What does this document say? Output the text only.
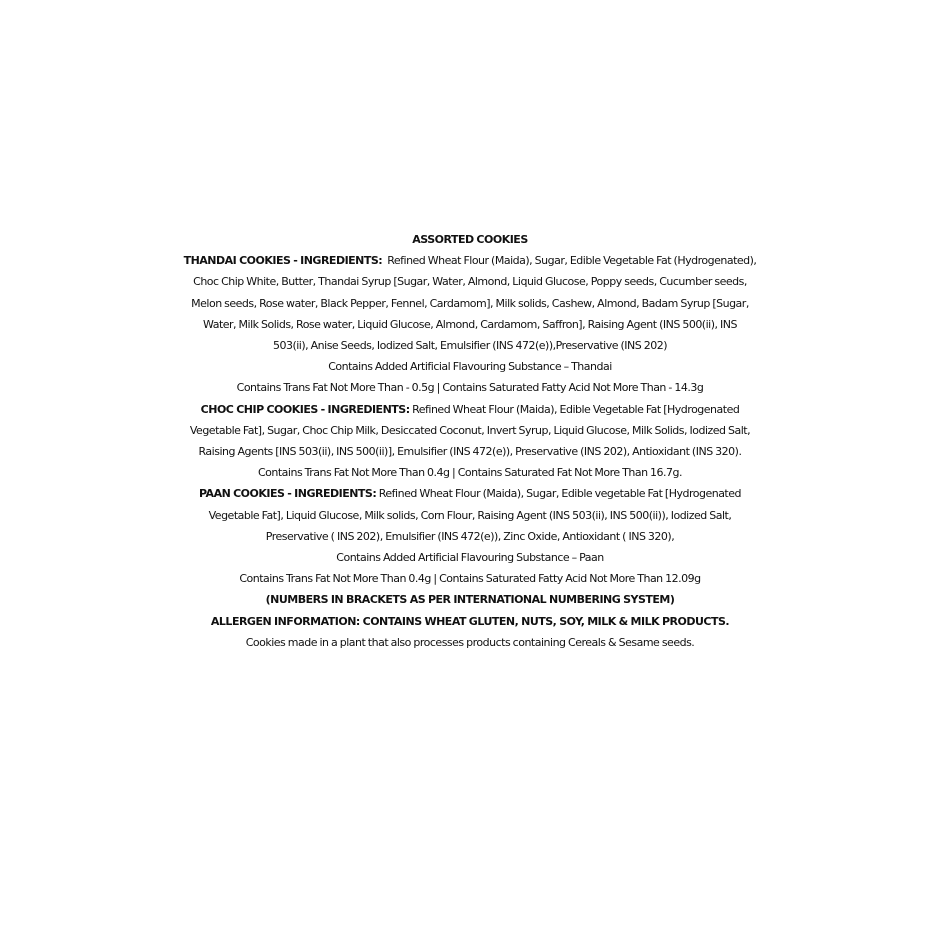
ASSORTED COOKIES
THANDAI COOKIES - INGREDIENTS: Refined Wheat Flour (Maida), Sugar, Edible Vegetable Fat (Hydrogenated),
Choc Chip White, Butter, Thandai Syrup [Sugar, Water, Almond, Liquid Glucose, Poppy seeds, Cucumber seeds,
Melon seeds, Rose water, Black Pepper, Fennel, Cardamom], Milk solids, Cashew, Almond, Badam Syrup [Sugar,
Water, Milk Solids, Rose water, Liquid Glucose, Almond, Cardamom, Saffron], Raising Agent (INS 500(ii), INS
503(ii), Anise Seeds, Iodized Salt, Emulsifier (INS 472(e)),Preservative (INS 202)
Contains Added Artificial Flavouring Substance – Thandai
Contains Trans Fat Not More Than - 0.5g | Contains Saturated Fatty Acid Not More Than - 14.3g
CHOC CHIP COOKIES - INGREDIENTS: Refined Wheat Flour (Maida), Edible Vegetable Fat [Hydrogenated
Vegetable Fat], Sugar, Choc Chip Milk, Desiccated Coconut, Invert Syrup, Liquid Glucose, Milk Solids, Iodized Salt,
Raising Agents [INS 503(ii), INS 500(ii)], Emulsifier (INS 472(e)), Preservative (INS 202), Antioxidant (INS 320).
Contains Trans Fat Not More Than 0.4g | Contains Saturated Fat Not More Than 16.7g.
PAAN COOKIES - INGREDIENTS: Refined Wheat Flour (Maida), Sugar, Edible vegetable Fat [Hydrogenated
Vegetable Fat], Liquid Glucose, Milk solids, Corn Flour, Raising Agent (INS 503(ii), INS 500(ii)), Iodized Salt,
Preservative ( INS 202), Emulsifier (INS 472(e)), Zinc Oxide, Antioxidant ( INS 320),
Contains Added Artificial Flavouring Substance – Paan
Contains Trans Fat Not More Than 0.4g | Contains Saturated Fatty Acid Not More Than 12.09g
(NUMBERS IN BRACKETS AS PER INTERNATIONAL NUMBERING SYSTEM)
ALLERGEN INFORMATION: CONTAINS WHEAT GLUTEN, NUTS, SOY, MILK & MILK PRODUCTS.
Cookies made in a plant that also processes products containing Cereals & Sesame seeds.
